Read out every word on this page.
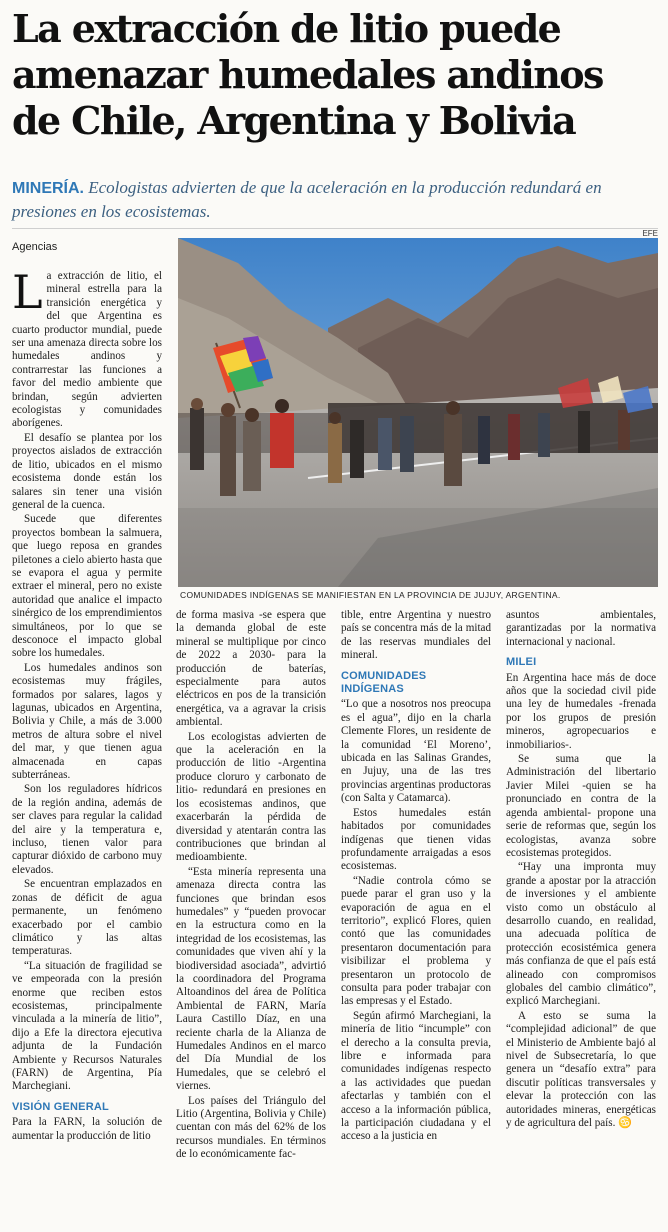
La extracción de litio puede
amenazar humedales andinos
de Chile, Argentina y Bolivia

MINERÍA. Ecologistas advierten de que la aceleración en la producción redundará en presiones en los ecosistemas.

Agencias
EFE
COMUNIDADES INDÍGENAS SE MANIFIESTAN EN LA PROVINCIA DE JUJUY, ARGENTINA.

La extracción de litio, el mineral estrella para la transición energética y del que Argentina es cuarto productor mundial, puede ser una amenaza directa sobre los humedales andinos y contrarrestar las funciones a favor del medio ambiente que brindan, según advierten ecologistas y comunidades aborígenes.

El desafío se plantea por los proyectos aislados de extracción de litio, ubicados en el mismo ecosistema donde están los salares sin tener una visión general de la cuenca.

Sucede que diferentes proyectos bombean la salmuera, que luego reposa en grandes piletones a cielo abierto hasta que se evapora el agua y permite extraer el mineral, pero no existe autoridad que analice el impacto sinérgico de los emprendimientos simultáneos, por lo que se desconoce el impacto global sobre los humedales.

Los humedales andinos son ecosistemas muy frágiles, formados por salares, lagos y lagunas, ubicados en Argentina, Bolivia y Chile, a más de 3.000 metros de altura sobre el nivel del mar, y que tienen agua almacenada en capas subterráneas.

Son los reguladores hídricos de la región andina, además de ser claves para regular la calidad del aire y la temperatura e, incluso, tienen valor para capturar dióxido de carbono muy elevados.

Se encuentran emplazados en zonas de déficit de agua permanente, un fenómeno exacerbado por el cambio climático y las altas temperaturas.

“La situación de fragilidad se ve empeorada con la presión enorme que reciben estos ecosistemas, principalmente vinculada a la minería de litio”, dijo a Efe la directora ejecutiva adjunta de la Fundación Ambiente y Recursos Naturales (FARN) de Argentina, Pía Marchegiani.

VISIÓN GENERAL

Para la FARN, la solución de aumentar la producción de litio

de forma masiva -se espera que la demanda global de este mineral se multiplique por cinco de 2022 a 2030- para la producción de baterías, especialmente para autos eléctricos en pos de la transición energética, va a agravar la crisis ambiental.

Los ecologistas advierten de que la aceleración en la producción de litio -Argentina produce cloruro y carbonato de litio- redundará en presiones en los ecosistemas andinos, que exacerbarán la pérdida de diversidad y atentarán contra las contribuciones que brindan al medioambiente.

“Esta minería representa una amenaza directa contra las funciones que brindan esos humedales” y “pueden provocar en la estructura como en la integridad de los ecosistemas, las comunidades que viven ahí y la biodiversidad asociada”, advirtió la coordinadora del Programa Altoandinos del área de Política Ambiental de FARN, María Laura Castillo Díaz, en una reciente charla de la Alianza de Humedales Andinos en el marco del Día Mundial de los Humedales, que se celebró el viernes.

Los países del Triángulo del Litio (Argentina, Bolivia y Chile) cuentan con más del 62% de los recursos mundiales. En términos de lo económicamente fac-

tible, entre Argentina y nuestro país se concentra más de la mitad de las reservas mundiales del mineral.

COMUNIDADES INDÍGENAS

“Lo que a nosotros nos preocupa es el agua”, dijo en la charla Clemente Flores, un residente de la comunidad ‘El Moreno’, ubicada en las Salinas Grandes, en Jujuy, una de las tres provincias argentinas productoras (con Salta y Catamarca).

Estos humedales están habitados por comunidades indígenas que tienen vidas profundamente arraigadas a esos ecosistemas.

“Nadie controla cómo se puede parar el gran uso y la evaporación de agua en el territorio”, explicó Flores, quien contó que las comunidades presentaron documentación para visibilizar el problema y presentaron un protocolo de consulta para poder trabajar con las empresas y el Estado.

Según afirmó Marchegiani, la minería de litio “incumple” con el derecho a la consulta previa, libre e informada para comunidades indígenas respecto a las actividades que puedan afectarlas y también con el acceso a la información pública, la participación ciudadana y el acceso a la justicia en

asuntos ambientales, garantizadas por la normativa internacional y nacional.

MILEI

En Argentina hace más de doce años que la sociedad civil pide una ley de humedales -frenada por los grupos de presión mineros, agropecuarios e inmobiliarios-.

Se suma que la Administración del libertario Javier Milei -quien se ha pronunciado en contra de la agenda ambiental- propone una serie de reformas que, según los ecologistas, avanza sobre ecosistemas protegidos.

“Hay una impronta muy grande a apostar por la atracción de inversiones y el ambiente visto como un obstáculo al desarrollo cuando, en realidad, una adecuada política de protección ecosistémica genera más confianza de que el país está alineado con compromisos globales del cambio climático”, explicó Marchegiani.

A esto se suma la “complejidad adicional” de que el Ministerio de Ambiente bajó al nivel de Subsecretaría, lo que genera un “desafío extra” para discutir políticas transversales y elevar la protección con las autoridades mineras, energéticas y de agricultura del país. ♋
